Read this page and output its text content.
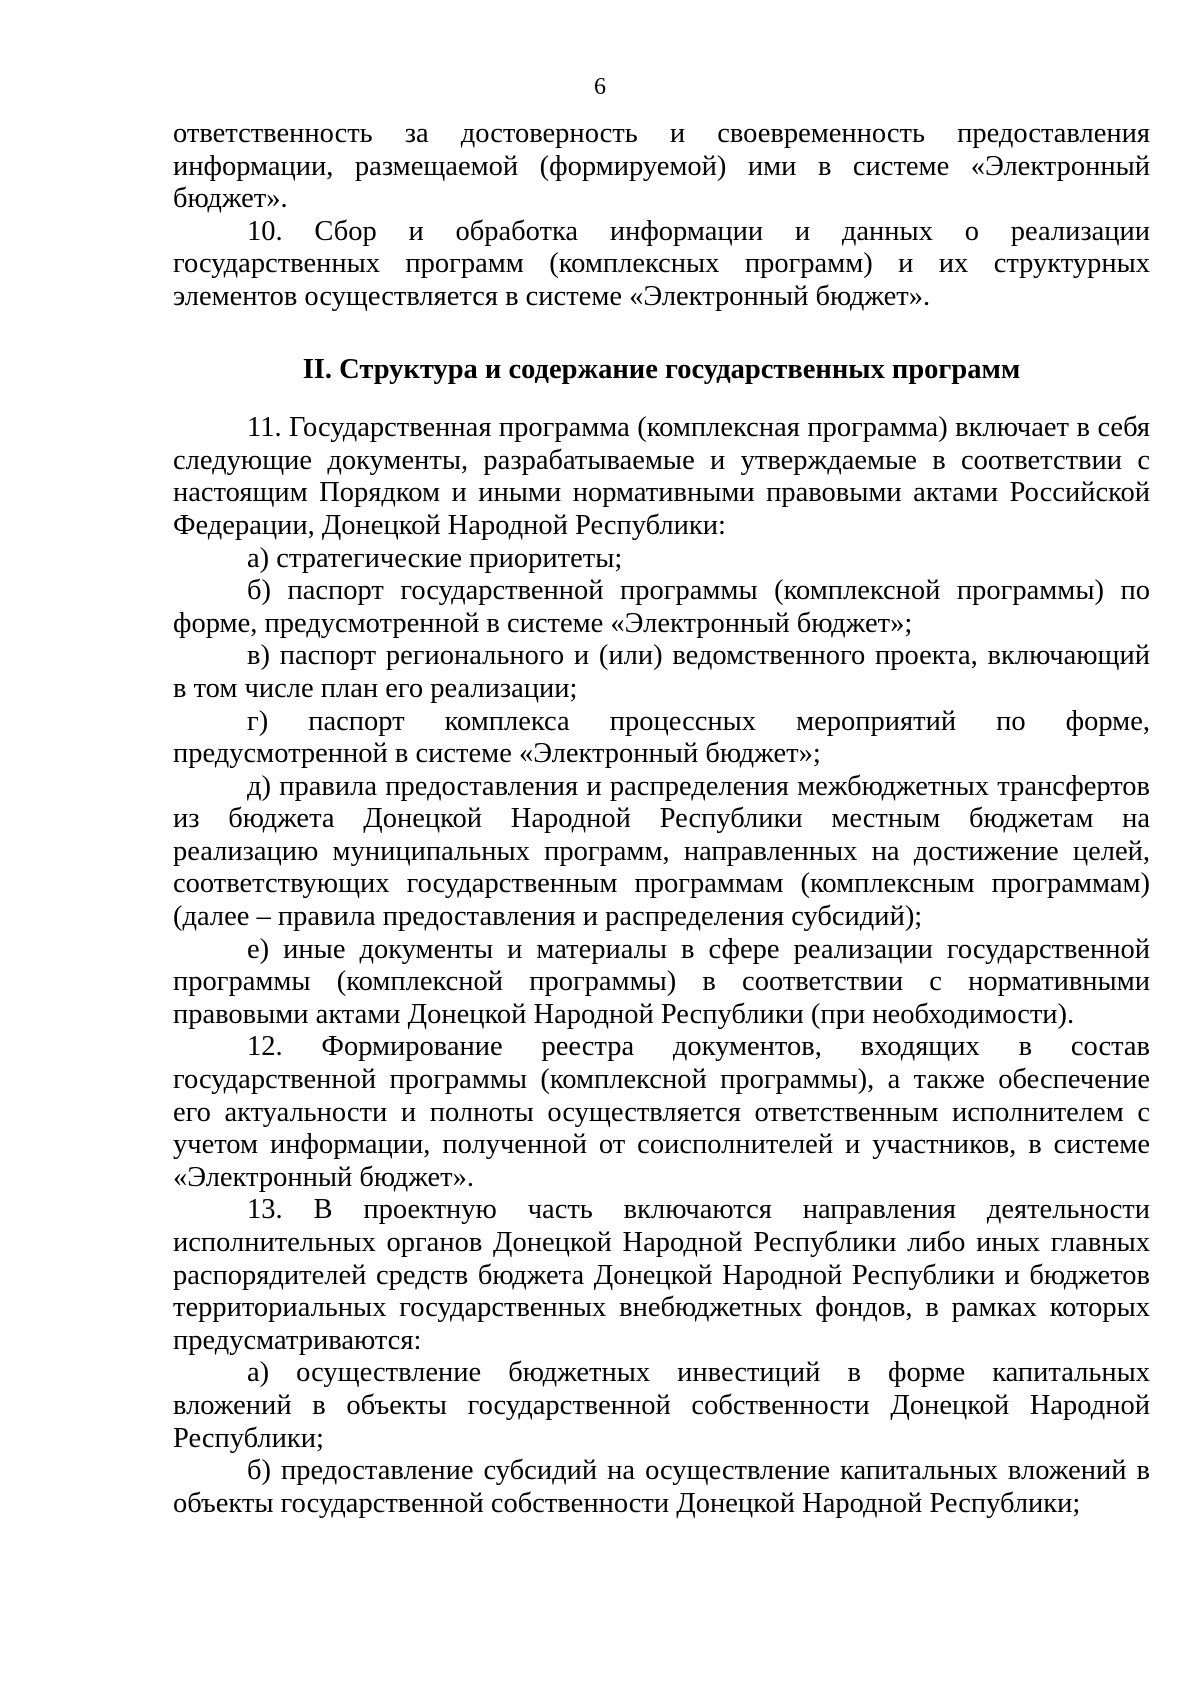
6

ответственность за достоверность и своевременность предоставления информации, размещаемой (формируемой) ими в системе «Электронный бюджет».

10. Сбор и обработка информации и данных о реализации государственных программ (комплексных программ) и их структурных элементов осуществляется в системе «Электронный бюджет».

II. Структура и содержание государственных программ

11. Государственная программа (комплексная программа) включает в себя следующие документы, разрабатываемые и утверждаемые в соответствии с настоящим Порядком и иными нормативными правовыми актами Российской Федерации, Донецкой Народной Республики:

а) стратегические приоритеты;

б) паспорт государственной программы (комплексной программы) по форме, предусмотренной в системе «Электронный бюджет»;

в) паспорт регионального и (или) ведомственного проекта, включающий в том числе план его реализации;

г) паспорт комплекса процессных мероприятий по форме, предусмотренной в системе «Электронный бюджет»;

д) правила предоставления и распределения межбюджетных трансфертов из бюджета Донецкой Народной Республики местным бюджетам на реализацию муниципальных программ, направленных на достижение целей, соответствующих государственным программам (комплексным программам) (далее – правила предоставления и распределения субсидий);

е) иные документы и материалы в сфере реализации государственной программы (комплексной программы) в соответствии с нормативными правовыми актами Донецкой Народной Республики (при необходимости).

12. Формирование реестра документов, входящих в состав государственной программы (комплексной программы), а также обеспечение его актуальности и полноты осуществляется ответственным исполнителем с учетом информации, полученной от соисполнителей и участников, в системе «Электронный бюджет».

13. В проектную часть включаются направления деятельности исполнительных органов Донецкой Народной Республики либо иных главных распорядителей средств бюджета Донецкой Народной Республики и бюджетов территориальных государственных внебюджетных фондов, в рамках которых предусматриваются:

а) осуществление бюджетных инвестиций в форме капитальных вложений в объекты государственной собственности Донецкой Народной Республики;

б) предоставление субсидий на осуществление капитальных вложений в объекты государственной собственности Донецкой Народной Республики;
